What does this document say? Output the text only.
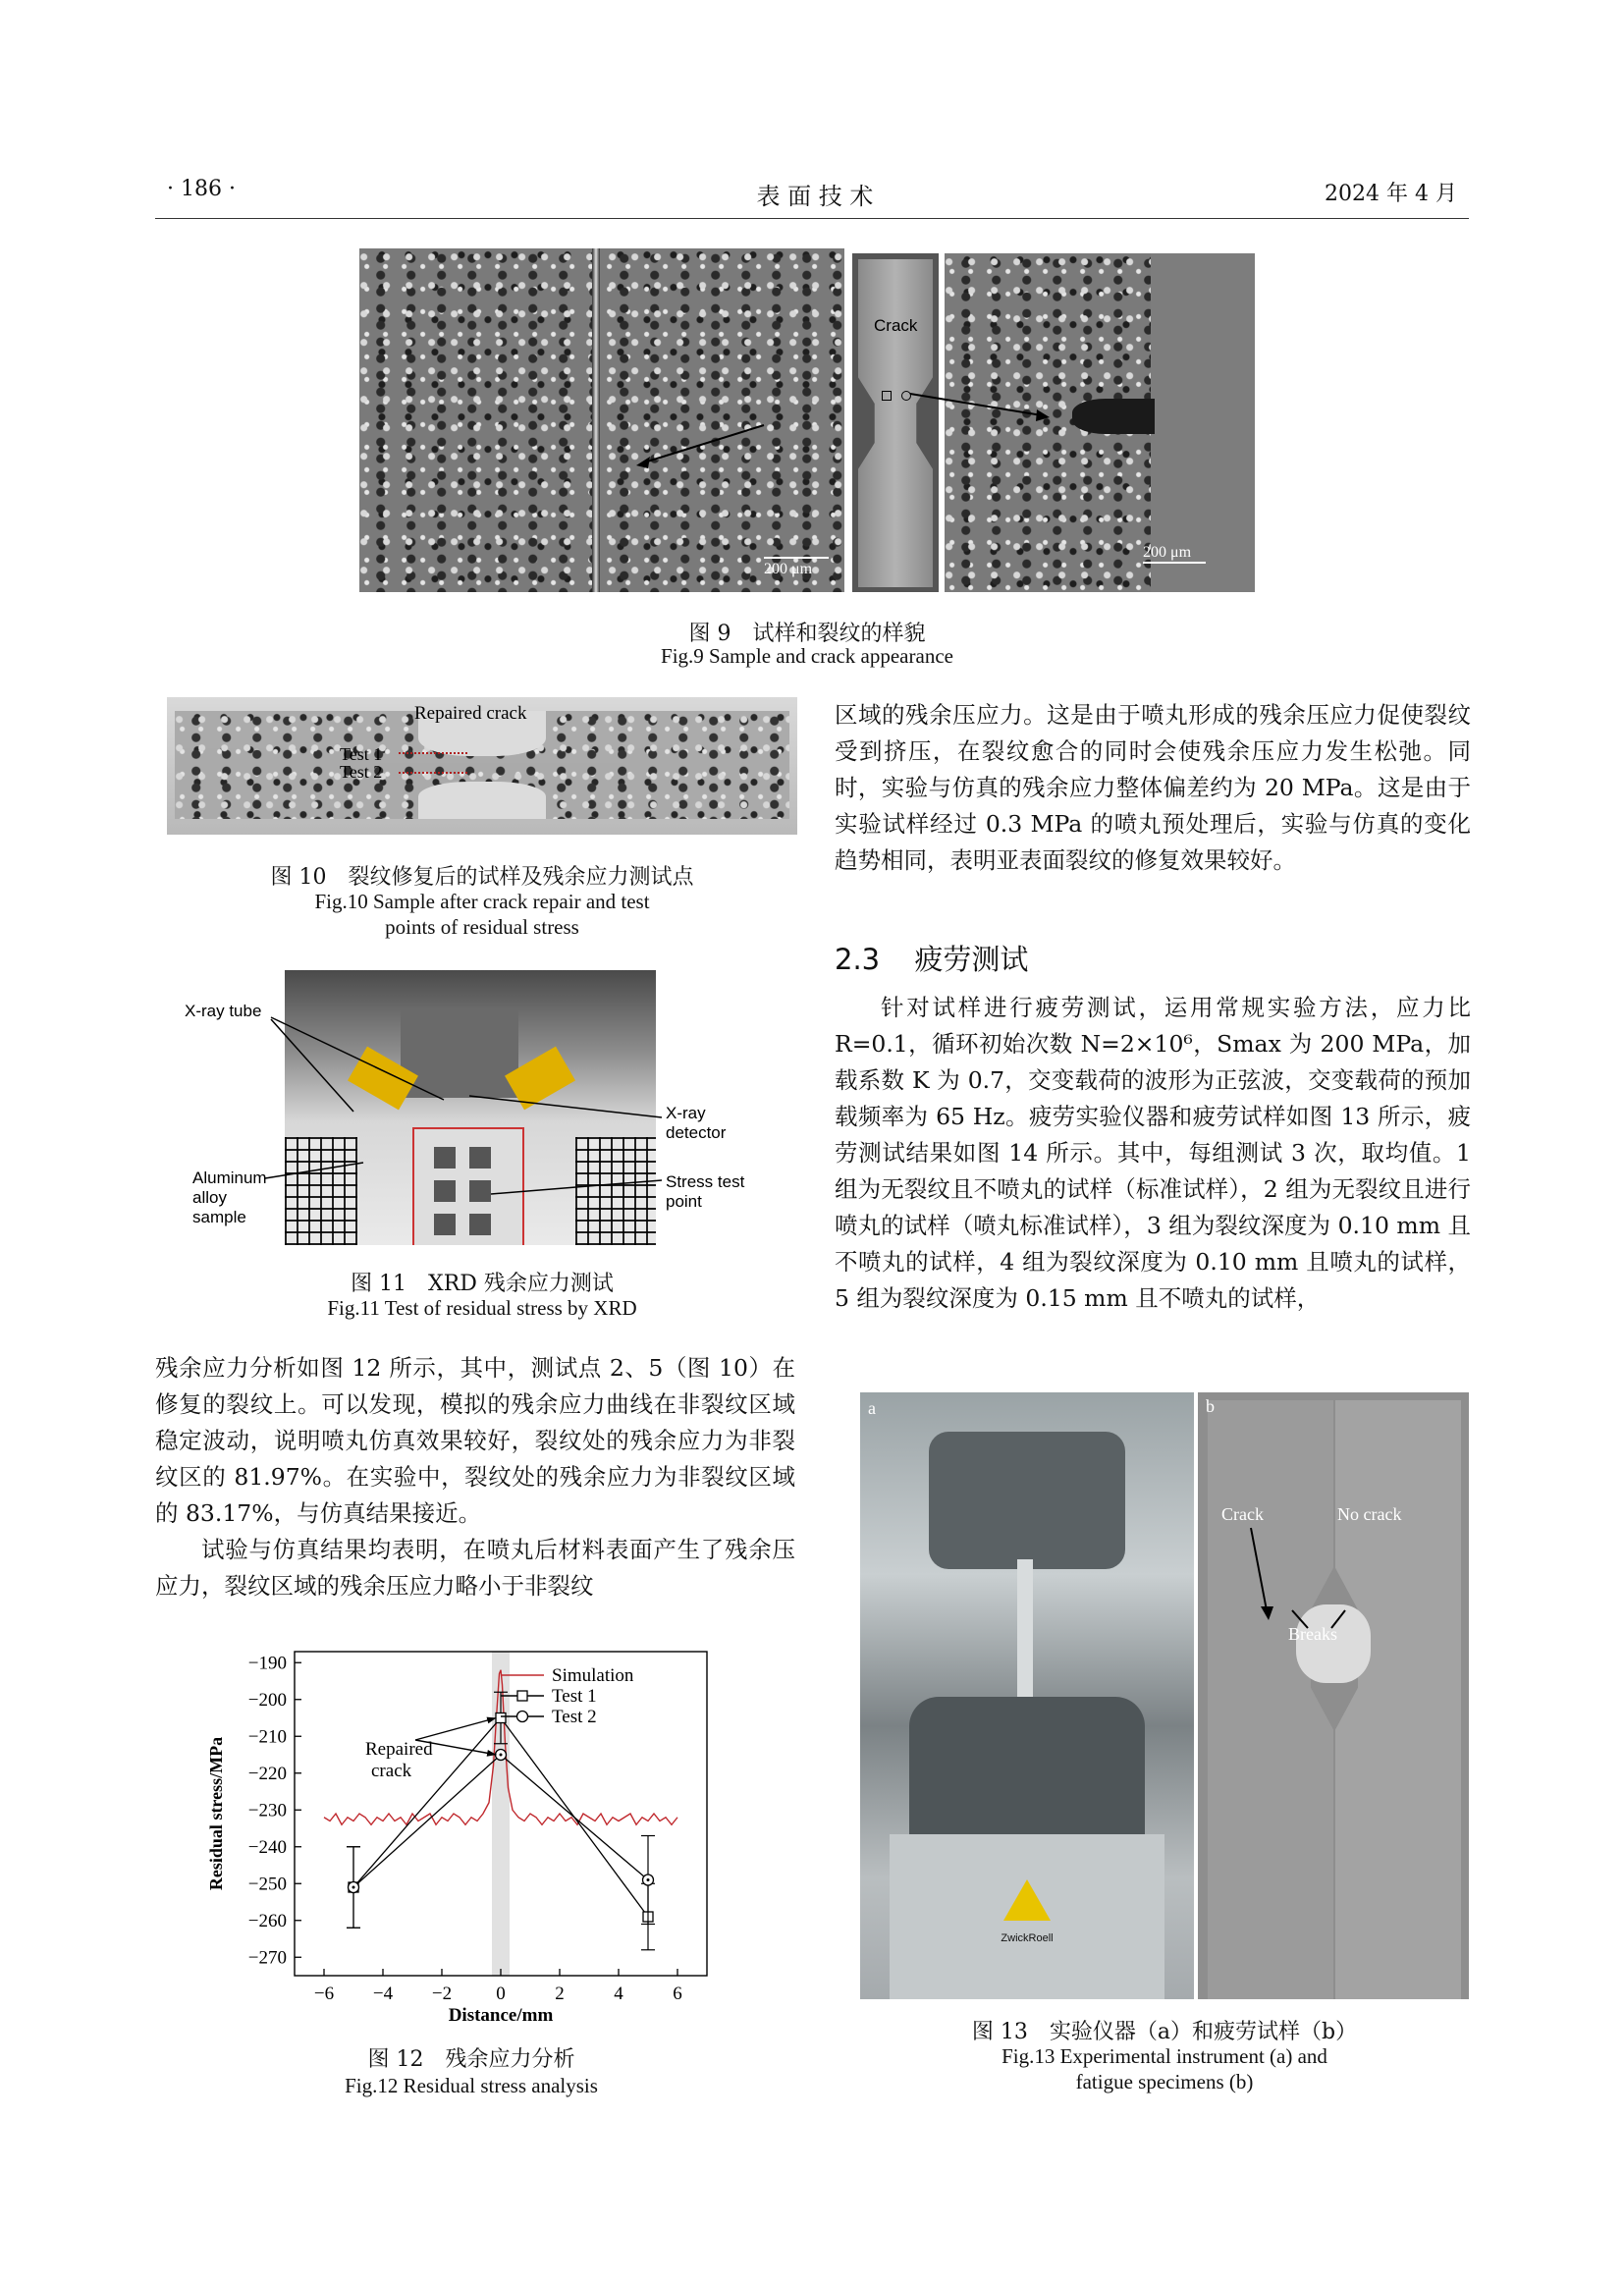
· 186 ·	表 面 技 术	2024 年 4 月
200 μm
Crack
200 μm
图 9　试样和裂纹的样貌
Fig.9 Sample and crack appearance
Repaired crack
Test 1
Test 2
图 10　裂纹修复后的试样及残余应力测试点
Fig.10 Sample after crack repair and test
points of residual stress
X-ray tube
X-ray
detector
Aluminum
alloy
sample
Stress test
point
图 11　XRD 残余应力测试
Fig.11 Test of residual stress by XRD

残余应力分析如图 12 所示，其中，测试点 2、5（图 10）在修复的裂纹上。可以发现，模拟的残余应力曲线在非裂纹区域稳定波动，说明喷丸仿真效果较好，裂纹处的残余应力为非裂纹区的 81.97%。在实验中，裂纹处的残余应力为非裂纹区域的 83.17%，与仿真结果接近。

试验与仿真结果均表明，在喷丸后材料表面产生了残余压应力，裂纹区域的残余压应力略小于非裂纹

−6 −4 −2 0	2	4	6
−190
−200
−210
−220
−230
−240
−250
−260
−270
Distance/mm
Residual stress/MPa
Simulation
Test 1
Test 2
Repaired
crack
图 12　残余应力分析
Fig.12 Residual stress analysis

区域的残余压应力。这是由于喷丸形成的残余压应力促使裂纹受到挤压，在裂纹愈合的同时会使残余压应力发生松弛。同时，实验与仿真的残余应力整体偏差约为 20 MPa。这是由于实验试样经过 0.3 MPa 的喷丸预处理后，实验与仿真的变化趋势相同，表明亚表面裂纹的修复效果较好。

2.3 疲劳测试

针对试样进行疲劳测试，运用常规实验方法，应力比 R=0.1，循环初始次数 N=2×10⁶，Smax 为 200 MPa，加载系数 K 为 0.7，交变载荷的波形为正弦波，交变载荷的预加载频率为 65 Hz。疲劳实验仪器和疲劳试样如图 13 所示，疲劳测试结果如图 14 所示。其中，每组测试 3 次，取均值。1 组为无裂纹且不喷丸的试样（标准试样），2 组为无裂纹且进行喷丸的试样（喷丸标准试样），3 组为裂纹深度为 0.10 mm 且不喷丸的试样，4 组为裂纹深度为 0.10 mm 且喷丸的试样，5 组为裂纹深度为 0.15 mm 且不喷丸的试样，

a
ZwickRoell
b
Crack	No crack
Breaks
图 13　实验仪器（a）和疲劳试样（b）
Fig.13 Experimental instrument (a) and
fatigue specimens (b)
